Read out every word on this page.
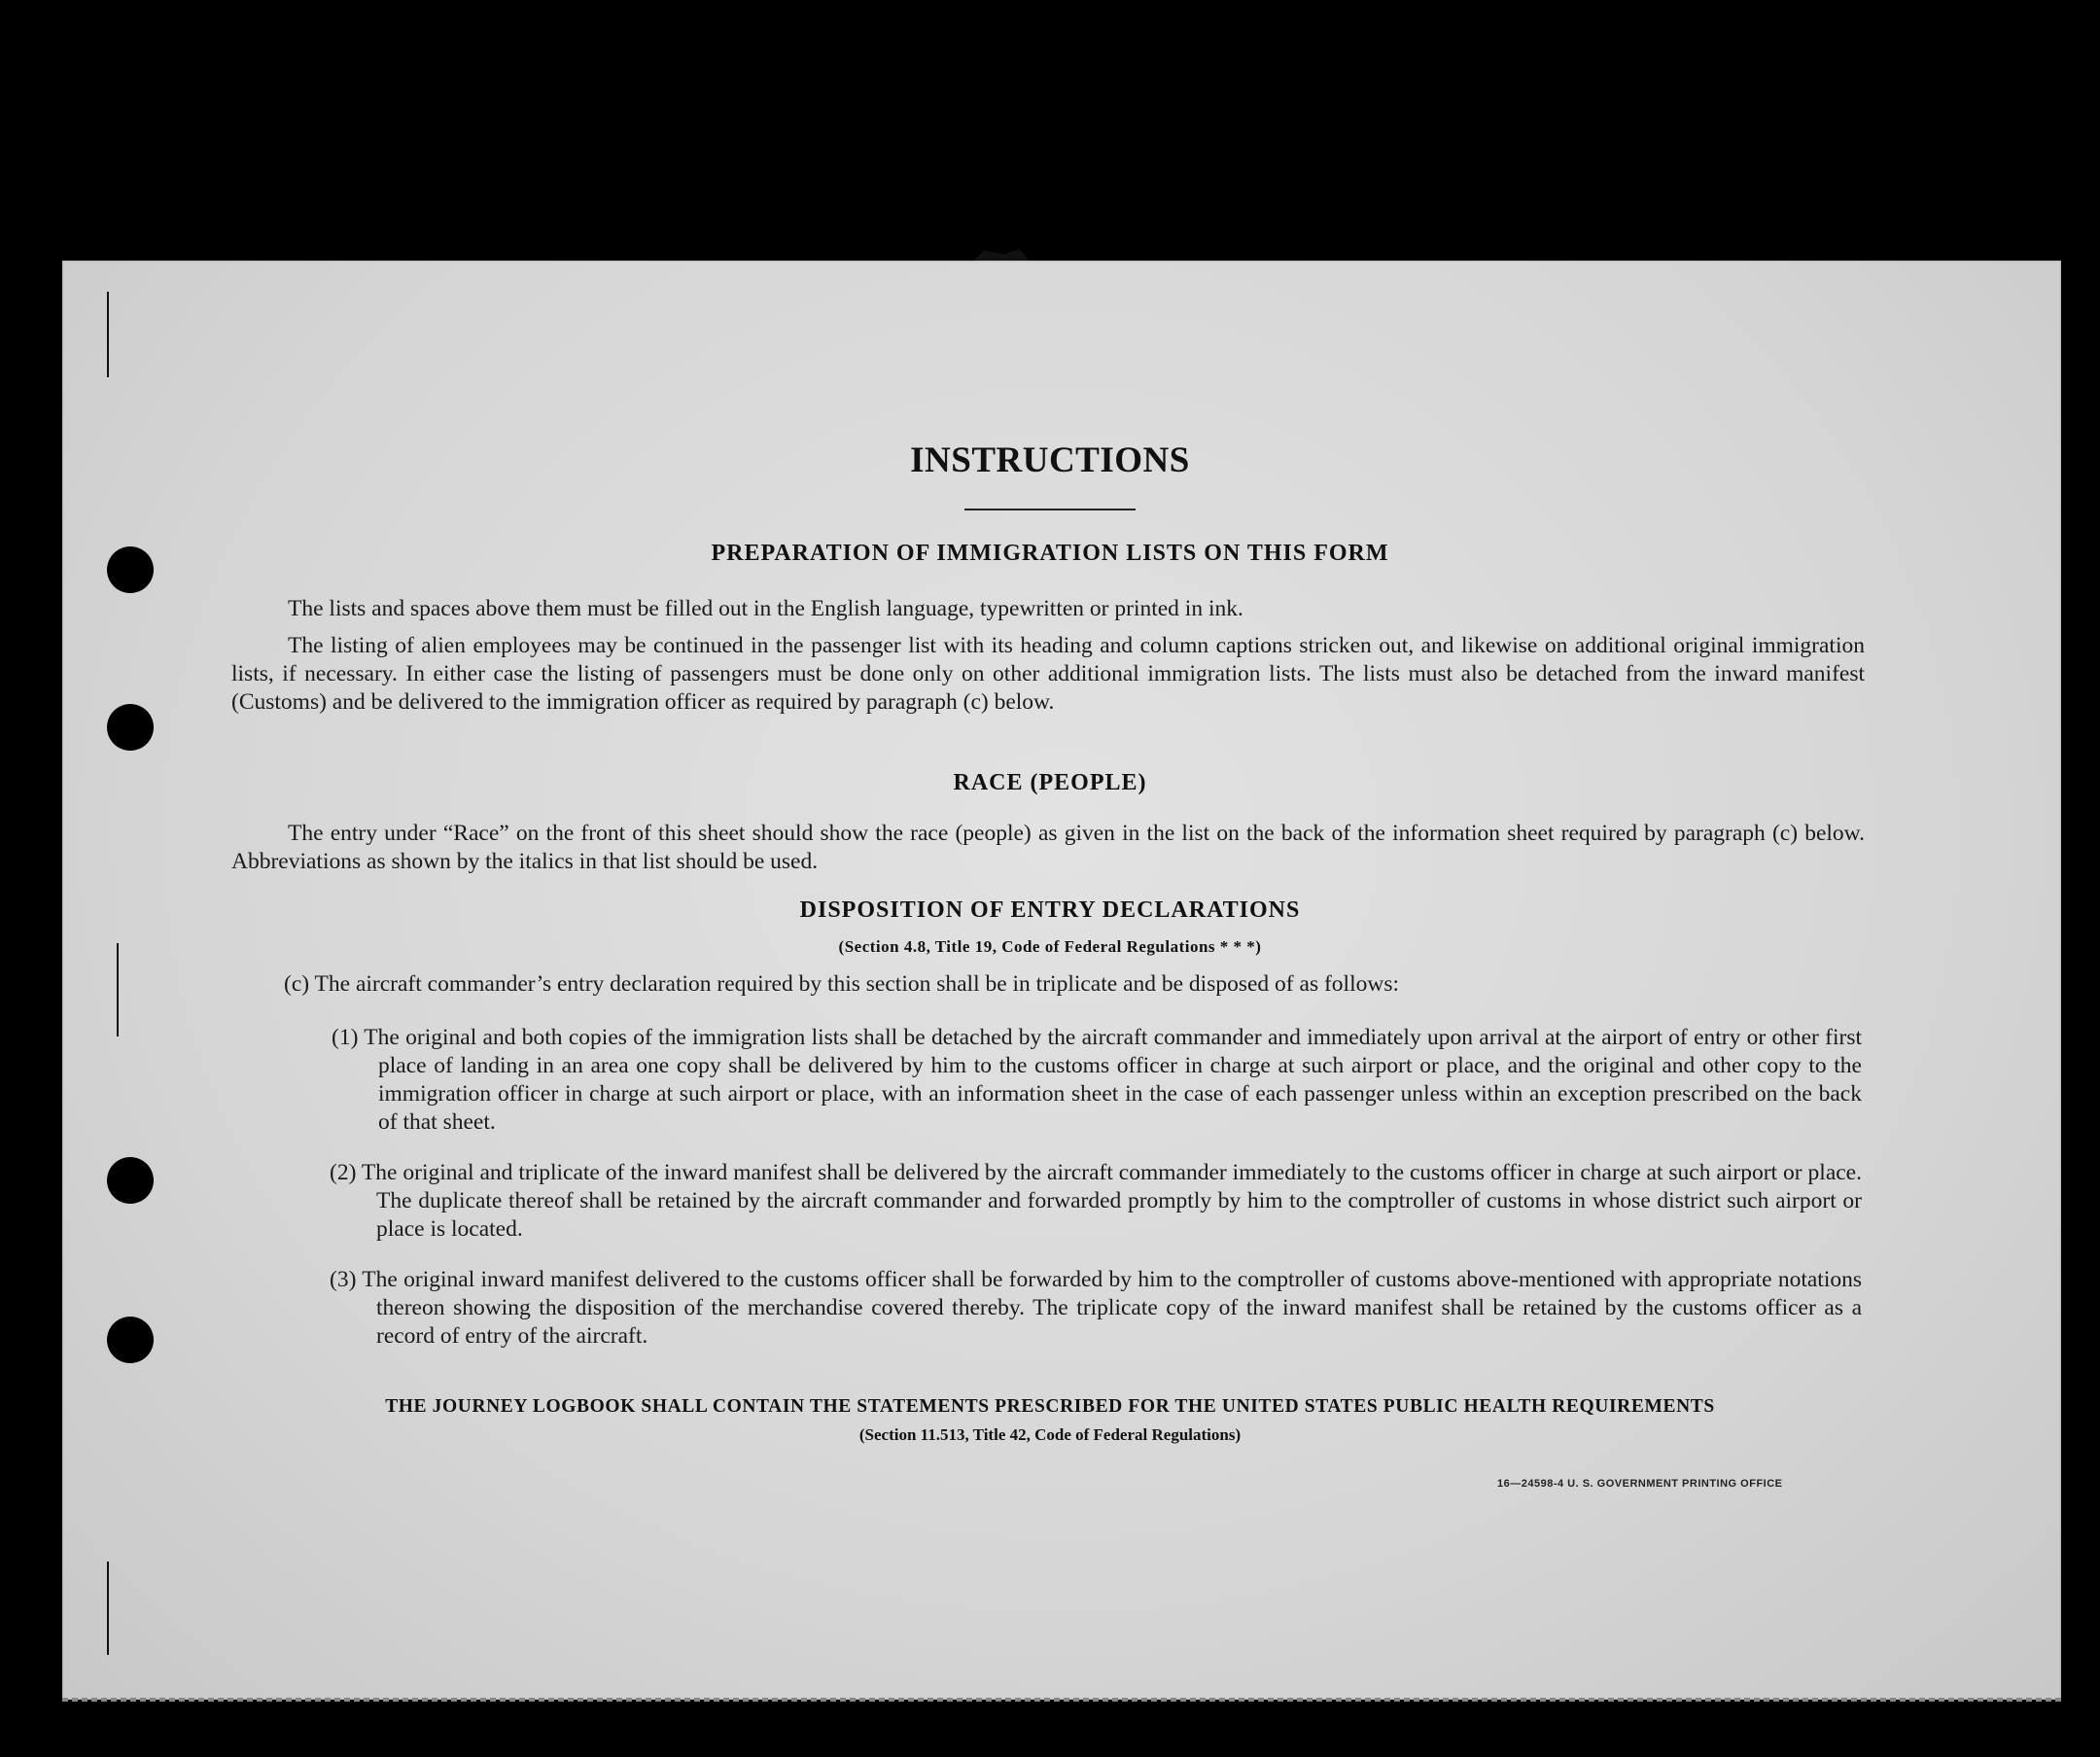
INSTRUCTIONS
PREPARATION OF IMMIGRATION LISTS ON THIS FORM
The lists and spaces above them must be filled out in the English language, typewritten or printed in ink.
The listing of alien employees may be continued in the passenger list with its heading and column captions stricken out, and likewise on additional original immigration lists, if necessary. In either case the listing of passengers must be done only on other additional immigration lists. The lists must also be detached from the inward manifest (Customs) and be delivered to the immigration officer as required by paragraph (c) below.
RACE (PEOPLE)
The entry under “Race” on the front of this sheet should show the race (people) as given in the list on the back of the information sheet required by paragraph (c) below. Abbreviations as shown by the italics in that list should be used.
DISPOSITION OF ENTRY DECLARATIONS
(Section 4.8, Title 19, Code of Federal Regulations * * *)
(c) The aircraft commander’s entry declaration required by this section shall be in triplicate and be disposed of as follows:
(1) The original and both copies of the immigration lists shall be detached by the aircraft commander and immediately upon arrival at the airport of entry or other first place of landing in an area one copy shall be delivered by him to the customs officer in charge at such airport or place, and the original and other copy to the immigration officer in charge at such airport or place, with an information sheet in the case of each passenger unless within an exception prescribed on the back of that sheet.
(2) The original and triplicate of the inward manifest shall be delivered by the aircraft commander immediately to the customs officer in charge at such airport or place. The duplicate thereof shall be retained by the aircraft commander and forwarded promptly by him to the comptroller of customs in whose district such airport or place is located.
(3) The original inward manifest delivered to the customs officer shall be forwarded by him to the comptroller of customs above-mentioned with appropriate notations thereon showing the disposition of the merchandise covered thereby. The triplicate copy of the inward manifest shall be retained by the customs officer as a record of entry of the aircraft.
THE JOURNEY LOGBOOK SHALL CONTAIN THE STATEMENTS PRESCRIBED FOR THE UNITED STATES PUBLIC HEALTH REQUIREMENTS
(Section 11.513, Title 42, Code of Federal Regulations)
16—24598‑4 U. S. GOVERNMENT PRINTING OFFICE
